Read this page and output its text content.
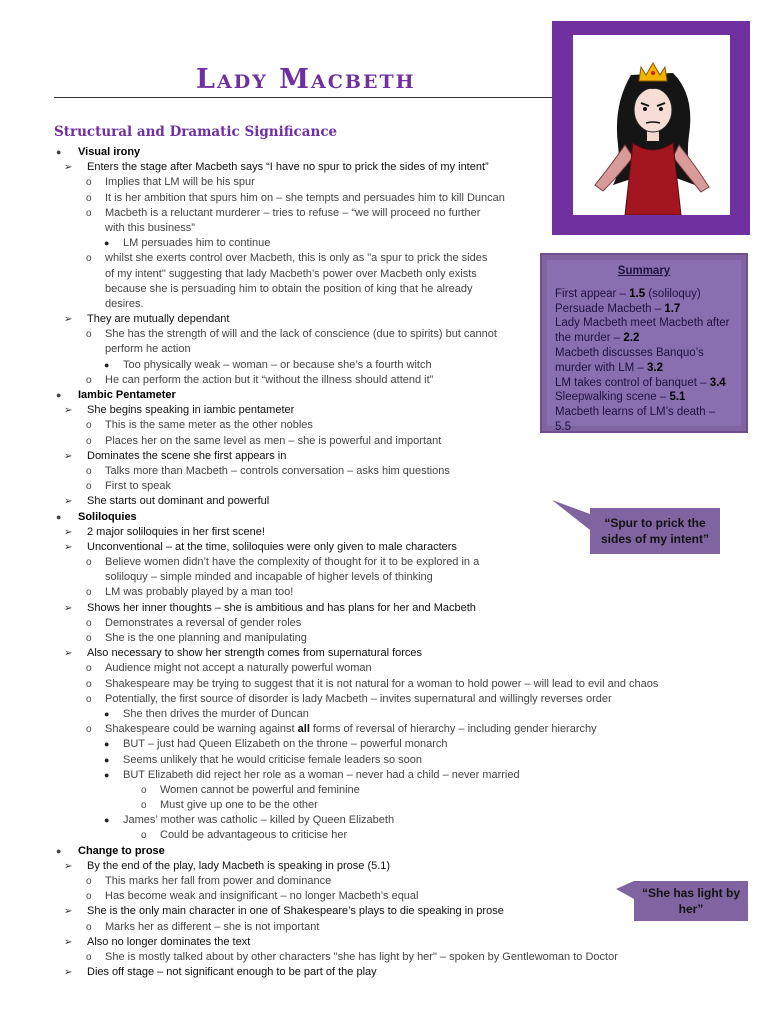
Lady Macbeth
Summary
First appear – 1.5 (soliloquy)
Persuade Macbeth – 1.7
Lady Macbeth meet Macbeth after the murder – 2.2
Macbeth discusses Banquo’s murder with LM – 3.2
LM takes control of banquet – 3.4
Sleepwalking scene – 5.1
Macbeth learns of LM’s death – 5.5
Structural and Dramatic Significance
● Visual irony
➢ Enters the stage after Macbeth says “I have no spur to prick the sides of my intent”
o Implies that LM will be his spur
o It is her ambition that spurs him on – she tempts and persuades him to kill Duncan
o Macbeth is a reluctant murderer – tries to refuse – “we will proceed no further
with this business”
● LM persuades him to continue
o whilst she exerts control over Macbeth, this is only as "a spur to prick the sides
of my intent" suggesting that lady Macbeth’s power over Macbeth only exists
because she is persuading him to obtain the position of king that he already
desires.
➢ They are mutually dependant
o She has the strength of will and the lack of conscience (due to spirits) but cannot
perform he action
● Too physically weak – woman – or because she’s a fourth witch
o He can perform the action but it “without the illness should attend it”
● Iambic Pentameter
➢ She begins speaking in iambic pentameter
o This is the same meter as the other nobles
o Places her on the same level as men – she is powerful and important
➢ Dominates the scene she first appears in
o Talks more than Macbeth – controls conversation – asks him questions
o First to speak
➢ She starts out dominant and powerful
● Soliloquies
➢ 2 major soliloquies in her first scene!
➢ Unconventional – at the time, soliloquies were only given to male characters
o Believe women didn’t have the complexity of thought for it to be explored in a
soliloquy – simple minded and incapable of higher levels of thinking
o LM was probably played by a man too!
➢ Shows her inner thoughts – she is ambitious and has plans for her and Macbeth
o Demonstrates a reversal of gender roles
o She is the one planning and manipulating
➢ Also necessary to show her strength comes from supernatural forces
o Audience might not accept a naturally powerful woman
o Shakespeare may be trying to suggest that it is not natural for a woman to hold power – will lead to evil and chaos
o Potentially, the first source of disorder is lady Macbeth – invites supernatural and willingly reverses order
● She then drives the murder of Duncan
o Shakespeare could be warning against all forms of reversal of hierarchy – including gender hierarchy
● BUT – just had Queen Elizabeth on the throne – powerful monarch
● Seems unlikely that he would criticise female leaders so soon
● BUT Elizabeth did reject her role as a woman – never had a child – never married
o Women cannot be powerful and feminine
o Must give up one to be the other
● James’ mother was catholic – killed by Queen Elizabeth
o Could be advantageous to criticise her
● Change to prose
➢ By the end of the play, lady Macbeth is speaking in prose (5.1)
o This marks her fall from power and dominance
o Has become weak and insignificant – no longer Macbeth’s equal
➢ She is the only main character in one of Shakespeare’s plays to die speaking in prose
o Marks her as different – she is not important
➢ Also no longer dominates the text
o She is mostly talked about by other characters "she has light by her" – spoken by Gentlewoman to Doctor
➢ Dies off stage – not significant enough to be part of the play
“Spur to prick the sides of my intent”
“She has light by her”
